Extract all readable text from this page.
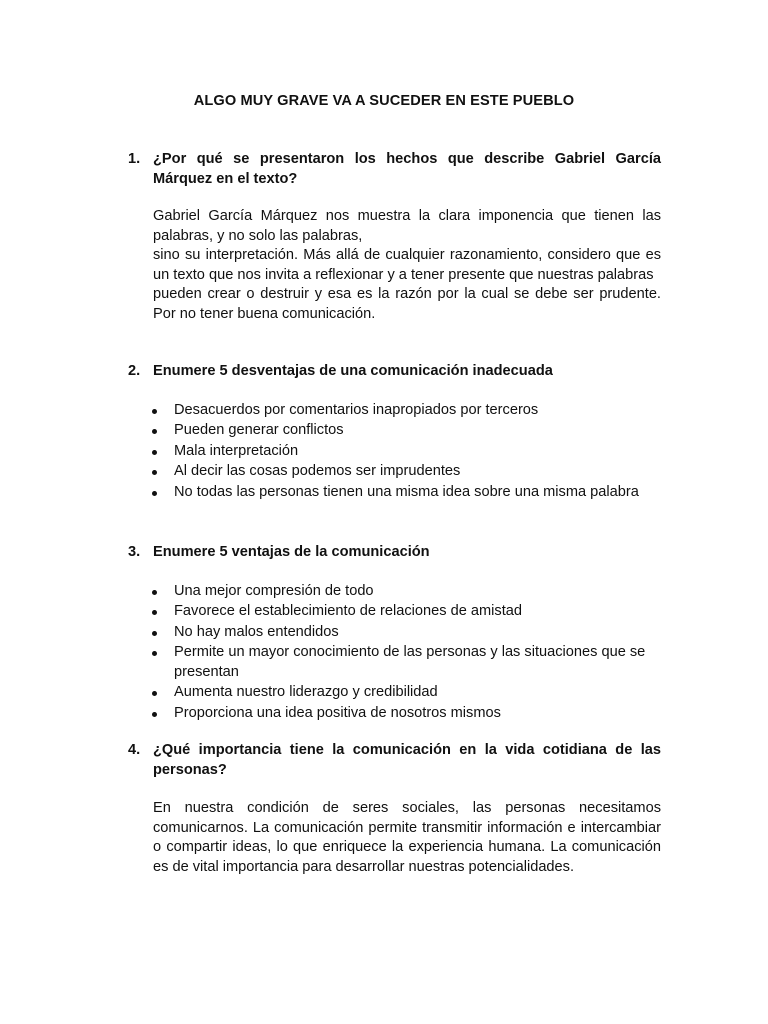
ALGO MUY GRAVE VA A SUCEDER EN ESTE PUEBLO
1. ¿Por qué se presentaron los hechos que describe Gabriel García Márquez en el texto?

Gabriel García Márquez nos muestra la clara imponencia que tienen las palabras, y no solo las palabras,

sino su interpretación. Más allá de cualquier razonamiento, considero que es un texto que nos invita a reflexionar y a tener presente que nuestras palabras

pueden crear o destruir y esa es la razón por la cual se debe ser prudente. Por no tener buena comunicación.

2. Enumere 5 desventajas de una comunicación inadecuada
Desacuerdos por comentarios inapropiados por terceros
Pueden generar conflictos
Mala interpretación
Al decir las cosas podemos ser imprudentes
No todas las personas tienen una misma idea sobre una misma palabra
3. Enumere 5 ventajas de la comunicación
Una mejor compresión de todo
Favorece el establecimiento de relaciones de amistad
No hay malos entendidos
Permite un mayor conocimiento de las personas y las situaciones que se presentan
Aumenta nuestro liderazgo y credibilidad
Proporciona una idea positiva de nosotros mismos
4. ¿Qué importancia tiene la comunicación en la vida cotidiana de las personas?

En nuestra condición de seres sociales, las personas necesitamos comunicarnos. La comunicación permite transmitir información e intercambiar o compartir ideas, lo que enriquece la experiencia humana. La comunicación es de vital importancia para desarrollar nuestras potencialidades.
